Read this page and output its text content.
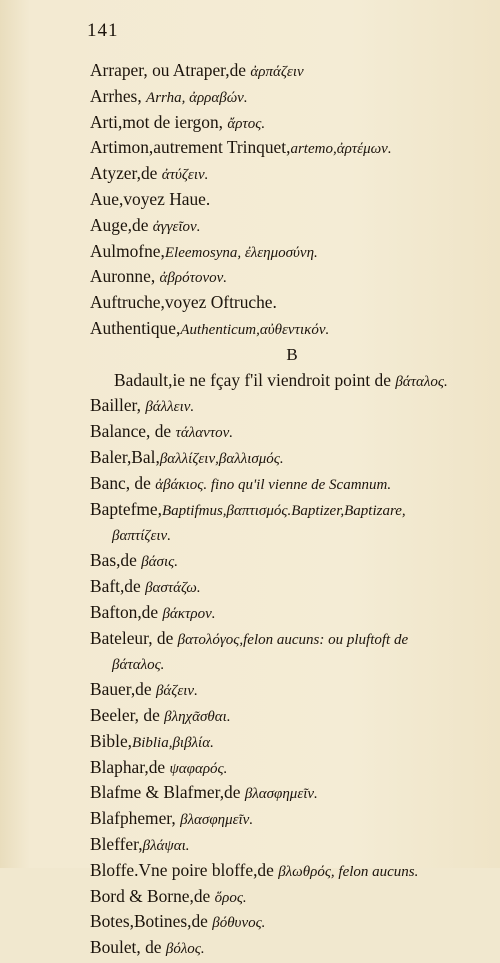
141
Arraper, ou Atraper,de ἀρπάζειν
Arrhes, Arrha, ἀρραβών.
Arti,mot de iergon, ἄρτος.
Artimon,autrement Trinquet,artemo,ἀρτέμων.
Atyzer,de ἀτύζειν.
Aue,voyez Haue.
Auge,de ἀγγεῖον.
Aulmofne,Eleemosyna, ἐλεημοσύνη.
Auronne, ἀβρότονον.
Auftruche,voyez Oftruche.
Authentique,Authenticum,αὐθεντικόν.
B
Badault,ie ne fçay f'il viendroit point de βάταλος.
Bailler, βάλλειν.
Balance, de τάλαντον.
Baler,Bal,βαλλίζειν,βαλλισμός.
Banc, de ἀβάκιος. fino qu'il vienne de Scamnum.
Baptefme,Baptifmus,βαπτισμός.Baptizer,Baptizare,
βαπτίζειν.
Bas,de βάσις.
Baft,de βαστάζω.
Bafton,de βάκτρον.
Bateleur, de βατολόγος,felon aucuns: ou pluftoft de
βάταλος.
Bauer,de βάζειν.
Beeler, de βληχᾶσθαι.
Bible,Biblia,βιβλία.
Blaphar,de ψαφαρός.
Blafme & Blafmer,de βλασφημεῖν.
Blafphemer, βλασφημεῖν.
Bleffer,βλάψαι.
Bloffe.Vne poire bloffe,de βλωθρός, felon aucuns.
Bord & Borne,de ὅρος.
Botes,Botines,de βόθυνος.
Boulet, de βόλος.
